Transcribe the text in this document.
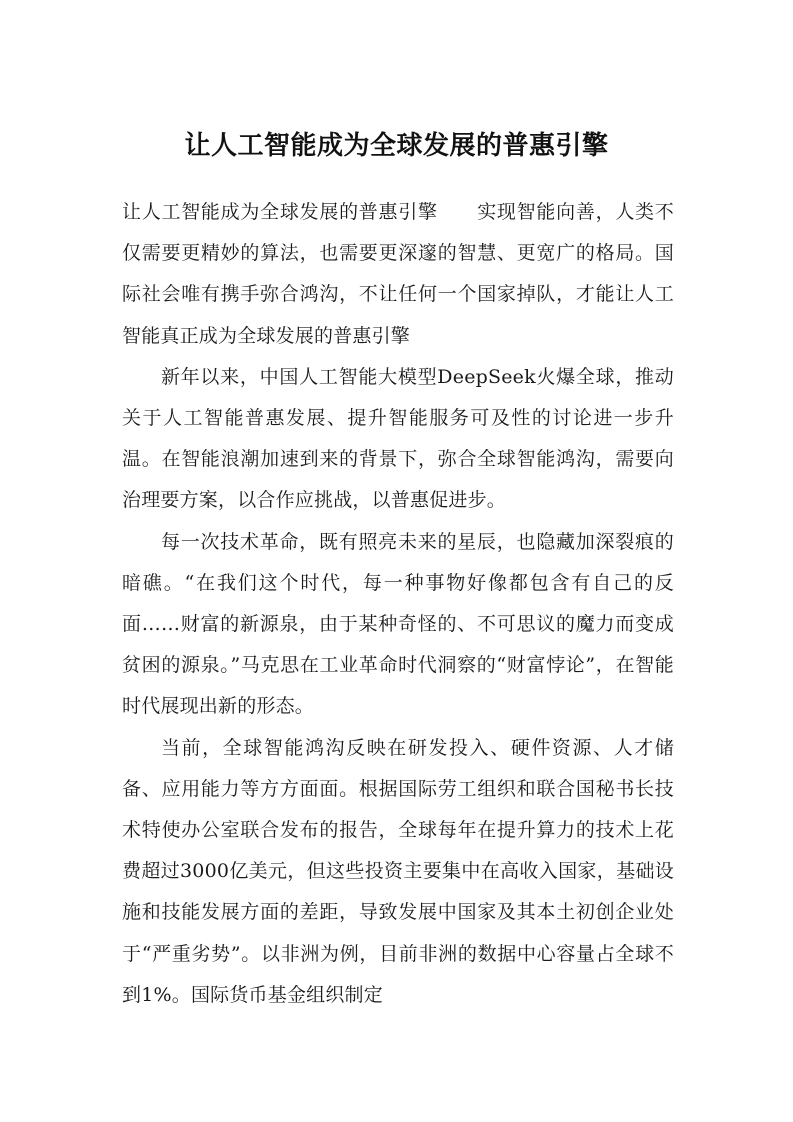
让人工智能成为全球发展的普惠引擎

让人工智能成为全球发展的普惠引擎　　实现智能向善，人类不仅需要更精妙的算法，也需要更深邃的智慧、更宽广的格局。国际社会唯有携手弥合鸿沟，不让任何一个国家掉队，才能让人工智能真正成为全球发展的普惠引擎

新年以来，中国人工智能大模型DeepSeek火爆全球，推动关于人工智能普惠发展、提升智能服务可及性的讨论进一步升温。在智能浪潮加速到来的背景下，弥合全球智能鸿沟，需要向治理要方案，以合作应挑战，以普惠促进步。

每一次技术革命，既有照亮未来的星辰，也隐藏加深裂痕的暗礁。“在我们这个时代，每一种事物好像都包含有自己的反面……财富的新源泉，由于某种奇怪的、不可思议的魔力而变成贫困的源泉。”马克思在工业革命时代洞察的“财富悖论”，在智能时代展现出新的形态。

当前，全球智能鸿沟反映在研发投入、硬件资源、人才储备、应用能力等方方面面。根据国际劳工组织和联合国秘书长技术特使办公室联合发布的报告，全球每年在提升算力的技术上花费超过3000亿美元，但这些投资主要集中在高收入国家，基础设施和技能发展方面的差距，导致发展中国家及其本土初创企业处于“严重劣势”。以非洲为例，目前非洲的数据中心容量占全球不到1%。国际货币基金组织制定
